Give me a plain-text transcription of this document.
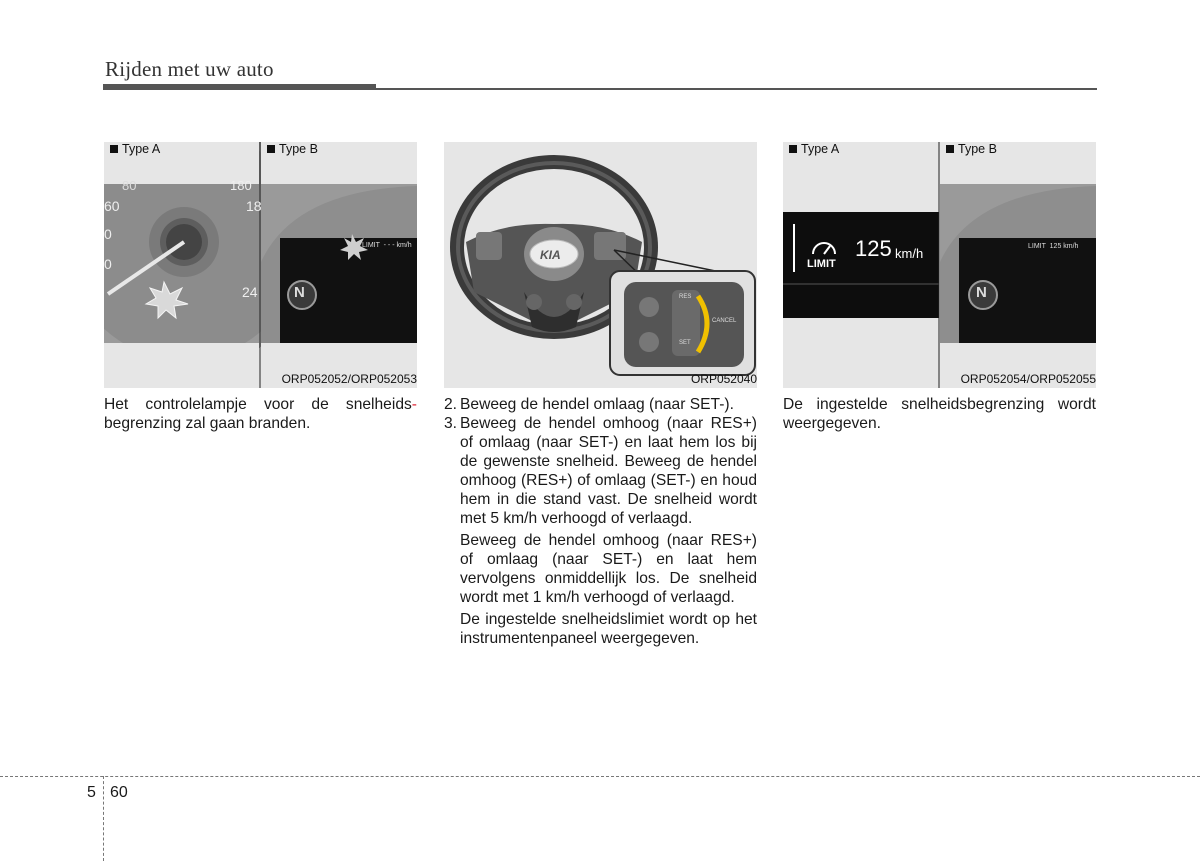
Rijden met uw auto
Type A	Type B
60
0
0
80	180
18
24 N
LIMIT  - - - km/h
ORP052052/ORP052053
Het controlelampje voor de snelheids- begrenzing zal gaan branden.
KIA
RES
SET
CANCEL
ORP052040
2. Beweeg de hendel omlaag (naar SET-).
3. Beweeg de hendel omhoog (naar RES+) of omlaag (naar SET-) en laat hem los bij de gewenste snelheid. Beweeg de hendel omhoog (RES+) of omlaag (SET-) en houd hem in die stand vast. De snelheid wordt met 5 km/h verhoogd of verlaagd.
Beweeg de hendel omhoog (naar RES+) of omlaag (naar SET-) en laat hem vervolgens onmiddellijk los. De snelheid wordt met 1 km/h verhoogd of verlaagd.
De ingestelde snelheidslimiet wordt op het instrumentenpaneel weergegeven.
Type A	Type B
LIMIT
125 km/h
N
LIMIT  125 km/h
ORP052054/ORP052055
De ingestelde snelheidsbegrenzing wordt weergegeven.
5 60
